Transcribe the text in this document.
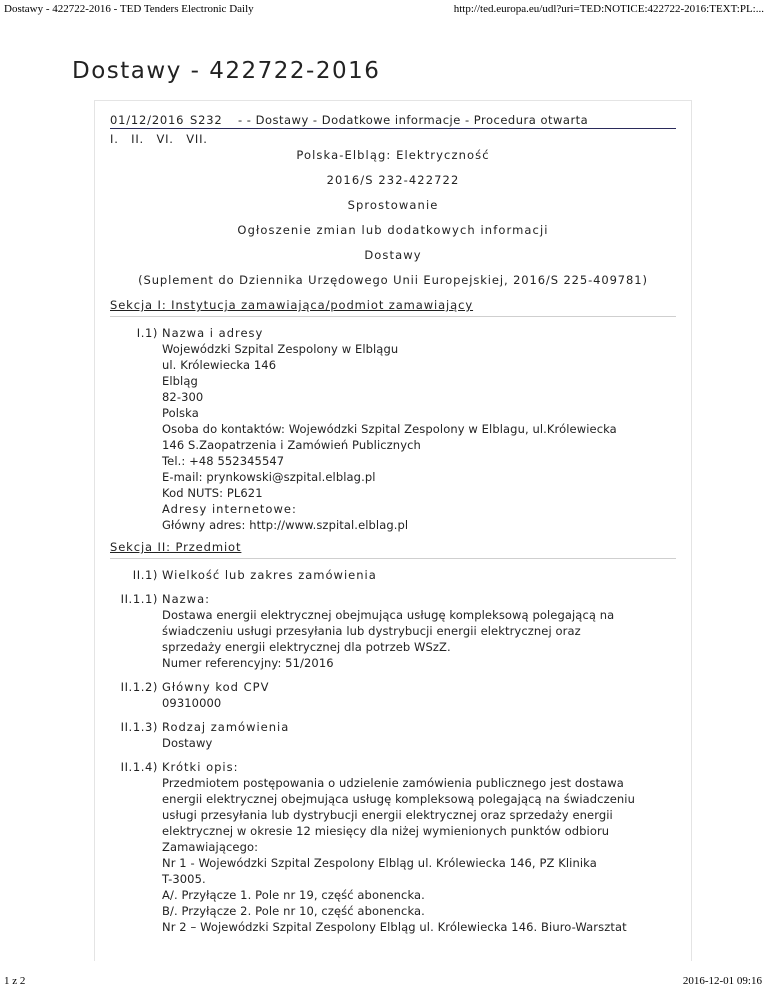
Dostawy - 422722-2016 - TED Tenders Electronic Daily	http://ted.europa.eu/udl?uri=TED:NOTICE:422722-2016:TEXT:PL:...
Dostawy - 422722-2016
01/12/2016 S232 - - Dostawy - Dodatkowe informacje - Procedura otwarta
I. II. VI. VII.
Polska-Elbląg: Elektryczność
2016/S 232-422722
Sprostowanie
Ogłoszenie zmian lub dodatkowych informacji
Dostawy
(Suplement do Dziennika Urzędowego Unii Europejskiej, 2016/S 225-409781)
Sekcja I: Instytucja zamawiająca/podmiot zamawiający
I.1) Nazwa i adresy
Wojewódzki Szpital Zespolony w Elblągu
ul. Królewiecka 146
Elbląg
82-300
Polska
Osoba do kontaktów: Wojewódzki Szpital Zespolony w Elblagu, ul.Królewiecka
146 S.Zaopatrzenia i Zamówień Publicznych
Tel.: +48 552345547
E-mail: prynkowski@szpital.elblag.pl
Kod NUTS: PL621
Adresy internetowe:
Główny adres: http://www.szpital.elblag.pl
Sekcja II: Przedmiot
II.1) Wielkość lub zakres zamówienia
II.1.1) Nazwa:
Dostawa energii elektrycznej obejmująca usługę kompleksową polegającą na
świadczeniu usługi przesyłania lub dystrybucji energii elektrycznej oraz
sprzedaży energii elektrycznej dla potrzeb WSzZ.
Numer referencyjny: 51/2016
II.1.2) Główny kod CPV
09310000
II.1.3) Rodzaj zamówienia
Dostawy
II.1.4) Krótki opis:
Przedmiotem postępowania o udzielenie zamówienia publicznego jest dostawa
energii elektrycznej obejmująca usługę kompleksową polegającą na świadczeniu
usługi przesyłania lub dystrybucji energii elektrycznej oraz sprzedaży energii
elektrycznej w okresie 12 miesięcy dla niżej wymienionych punktów odbioru
Zamawiającego:
Nr 1 - Wojewódzki Szpital Zespolony Elbląg ul. Królewiecka 146, PZ Klinika
T-3005.
A/. Przyłącze 1. Pole nr 19, część abonencka.
B/. Przyłącze 2. Pole nr 10, część abonencka.
Nr 2 – Wojewódzki Szpital Zespolony Elbląg ul. Królewiecka 146. Biuro-Warsztat
1 z 2	2016-12-01 09:16
